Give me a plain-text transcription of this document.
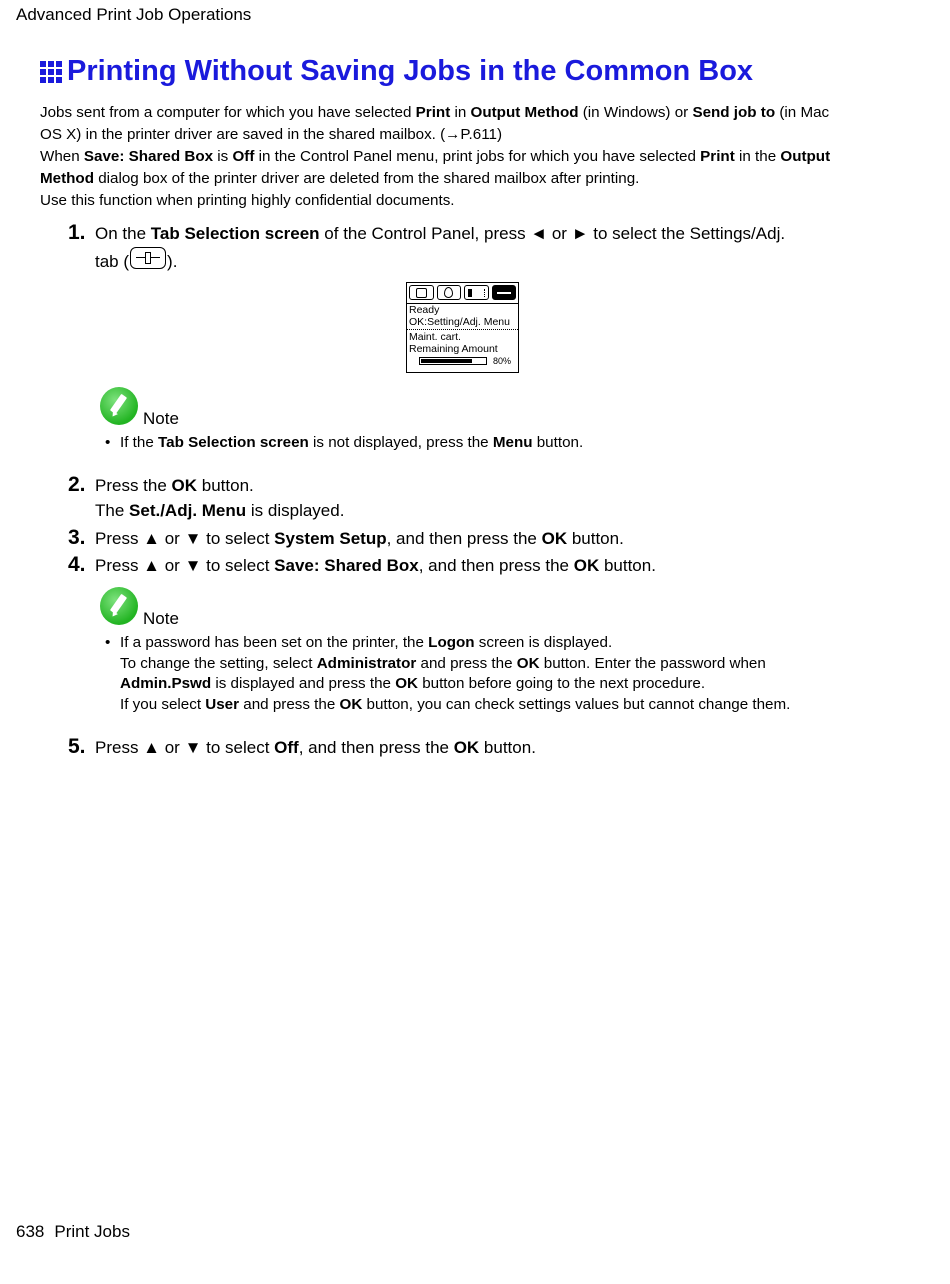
Advanced Print Job Operations
Printing Without Saving Jobs in the Common Box

Jobs sent from a computer for which you have selected Print in Output Method (in Windows) or Send job to (in Mac OS X) in the printer driver are saved in the shared mailbox. (→P.611)

When Save: Shared Box is Off in the Control Panel menu, print jobs for which you have selected Print in the Output Method dialog box of the printer driver are deleted from the shared mailbox after printing.

Use this function when printing highly confidential documents.

1. On the Tab Selection screen of the Control Panel, press ◄ or ► to select the Settings/Adj.
tab ( ).
Ready
OK:Setting/Adj. Menu
Maint. cart.
Remaining Amount
80%
Note
• If the Tab Selection screen is not displayed, press the Menu button.
2. Press the OK button.
The Set./Adj. Menu is displayed.
3. Press ▲ or ▼ to select System Setup, and then press the OK button.
4. Press ▲ or ▼ to select Save: Shared Box, and then press the OK button.
Note
• If a password has been set on the printer, the Logon screen is displayed.
To change the setting, select Administrator and press the OK button. Enter the password when
Admin.Pswd is displayed and press the OK button before going to the next procedure.
If you select User and press the OK button, you can check settings values but cannot change them.
5. Press ▲ or ▼ to select Off, and then press the OK button.
638 Print Jobs
